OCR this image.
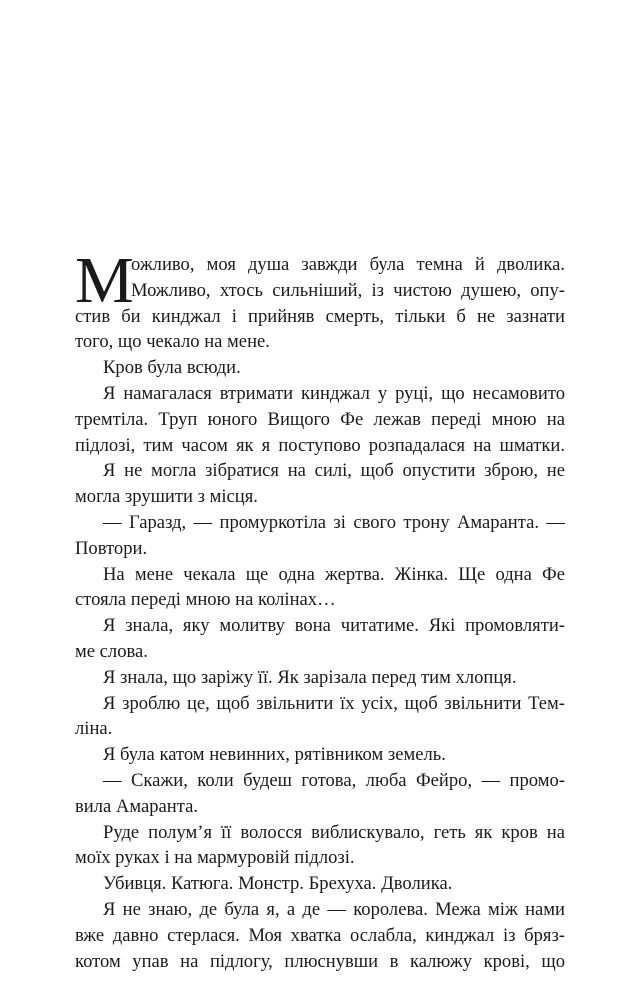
М
ожливо, моя душа завжди була темна й дволика.
Можливо, хтось сильніший, із чистою душею, опу-
стив би кинджал і прийняв смерть, тільки б не зазнати
того, що чекало на мене.
Кров була всюди.
Я намагалася втримати кинджал у руці, що несамовито
тремтіла. Труп юного Вищого Фе лежав переді мною на
підлозі, тим часом як я поступово розпадалася на шматки.
Я не могла зібратися на силі, щоб опустити зброю, не
могла зрушити з місця.
— Гаразд, — промуркотіла зі свого трону Амаранта. —
Повтори.
На мене чекала ще одна жертва. Жінка. Ще одна Фе
стояла переді мною на колінах…
Я знала, яку молитву вона читатиме. Які промовляти-
ме слова.
Я знала, що заріжу її. Як зарізала перед тим хлопця.
Я зроблю це, щоб звільнити їх усіх, щоб звільнити Тем-
ліна.
Я була катом невинних, рятівником земель.
— Скажи, коли будеш готова, люба Фейро, — промо-
вила Амаранта.
Руде полум’я її волосся виблискувало, геть як кров на
моїх руках і на мармуровій підлозі.
Убивця. Катюга. Монстр. Брехуха. Дволика.
Я не знаю, де була я, а де — королева. Межа між нами
вже давно стерлася. Моя хватка ослабла, кинджал із бряз-
котом упав на підлогу, плюснувши в калюжу крові, що
